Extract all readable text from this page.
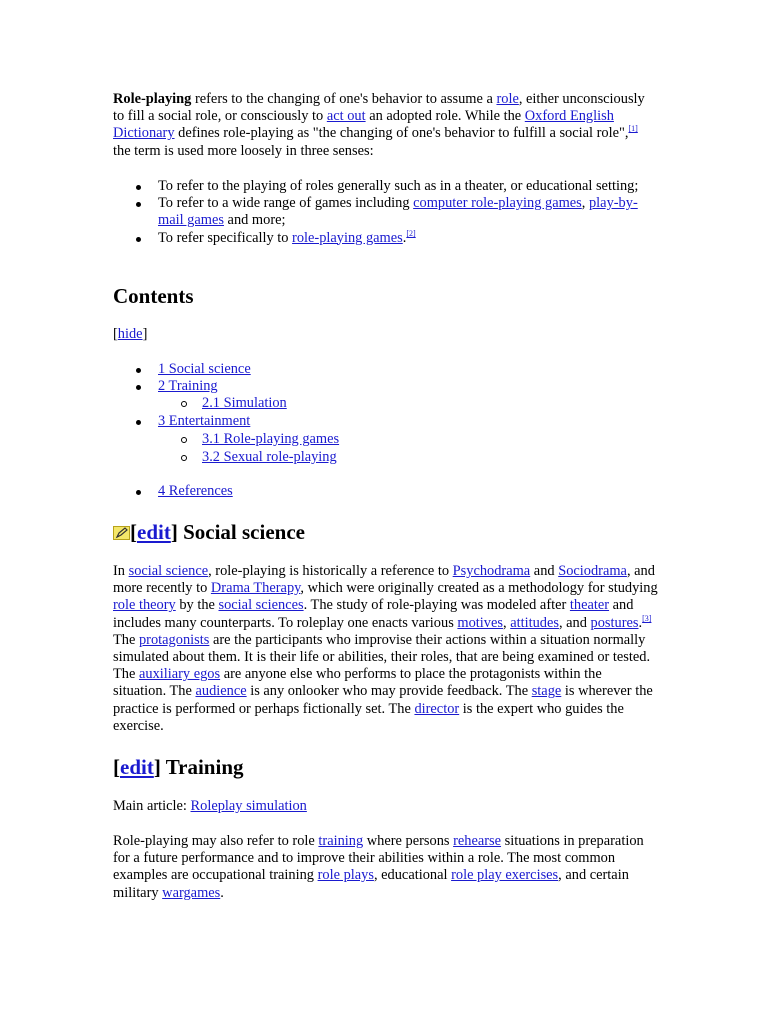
Role-playing refers to the changing of one's behavior to assume a role, either unconsciously to fill a social role, or consciously to act out an adopted role. While the Oxford English Dictionary defines role-playing as "the changing of one's behavior to fulfill a social role",[1] the term is used more loosely in three senses:

To refer to the playing of roles generally such as in a theater, or educational setting;
To refer to a wide range of games including computer role-playing games, play-by-mail games and more;
To refer specifically to role-playing games.[2]
Contents

[hide]

1 Social science
2 Training
2.1 Simulation
3 Entertainment
3.1 Role-playing games
3.2 Sexual role-playing
4 References
[edit] Social science

In social science, role-playing is historically a reference to Psychodrama and Sociodrama, and more recently to Drama Therapy, which were originally created as a methodology for studying role theory by the social sciences. The study of role-playing was modeled after theater and includes many counterparts. To roleplay one enacts various motives, attitudes, and postures.[3] The protagonists are the participants who improvise their actions within a situation normally simulated about them. It is their life or abilities, their roles, that are being examined or tested. The auxiliary egos are anyone else who performs to place the protagonists within the situation. The audience is any onlooker who may provide feedback. The stage is wherever the practice is performed or perhaps fictionally set. The director is the expert who guides the exercise.

[edit] Training

Main article: Roleplay simulation

Role-playing may also refer to role training where persons rehearse situations in preparation for a future performance and to improve their abilities within a role. The most common examples are occupational training role plays, educational role play exercises, and certain military wargames.
